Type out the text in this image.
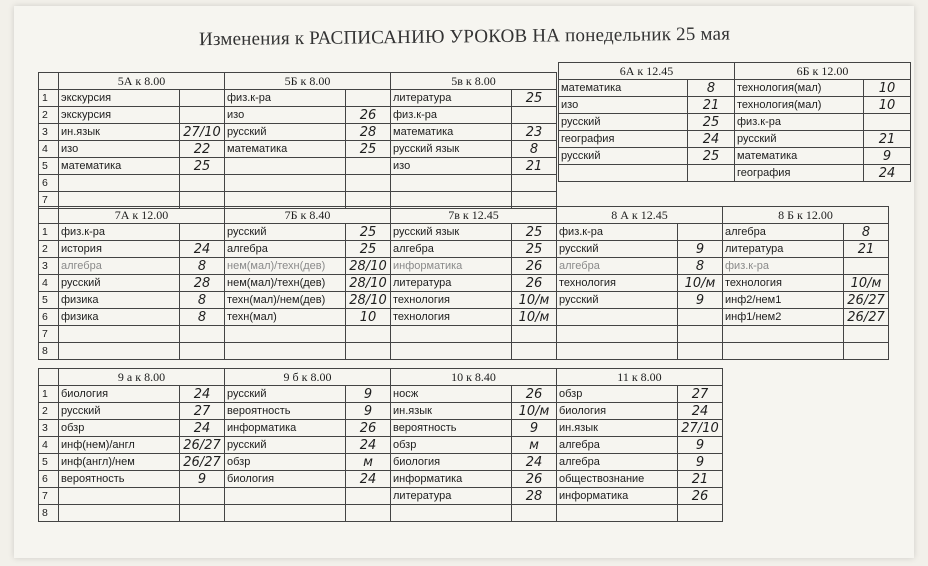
Изменения к РАСПИСАНИЮ УРОКОВ НА понедельник 25 мая
	5А к 8.00		5Б к 8.00		5в к 8.00	
1	экскурсия		физ.к-ра		литература	25
2	экскурсия		изо	26	физ.к-ра	
3	ин.язык	27/10	русский	28	математика	23
4	изо	22	математика	25	русский язык	8
5	математика	25			изо	21
6						
7						
6А к 12.45		6Б к 12.00	
математика	8	технология(мал)	10
изо	21	технология(мал)	10
русский	25	физ.к-ра	
география	24	русский	21
русский	25	математика	9
		география	24
	7А к 12.00		7Б к 8.40		7в к 12.45		8 А к 12.45		8 Б к 12.00	
1	физ.к-ра		русский	25	русский язык	25	физ.к-ра		алгебра	8
2	история	24	алгебра	25	алгебра	25	русский	9	литература	21
3	алгебра	8	нем(мал)/техн(дев)	28/10	информатика	26	алгебра	8	физ.к-ра	
4	русский	28	нем(мал)/техн(дев)	28/10	литература	26	технология	10/м	технология	10/м
5	физика	8	техн(мал)/нем(дев)	28/10	технология	10/м	русский	9	инф2/нем1	26/27
6	физика	8	техн(мал)	10	технология	10/м			инф1/нем2	26/27
7										
8										
	9 а к 8.00		9 б к 8.00		10 к 8.40		11 к 8.00	
1	биология	24	русский	9	носж	26	обзр	27
2	русский	27	вероятность	9	ин.язык	10/м	биология	24
3	обзр	24	информатика	26	вероятность	9	ин.язык	27/10
4	инф(нем)/англ	26/27	русский	24	обзр	м	алгебра	9
5	инф(англ)/нем	26/27	обзр	м	биология	24	алгебра	9
6	вероятность	9	биология	24	информатика	26	обществознание	21
7					литература	28	информатика	26
8								
